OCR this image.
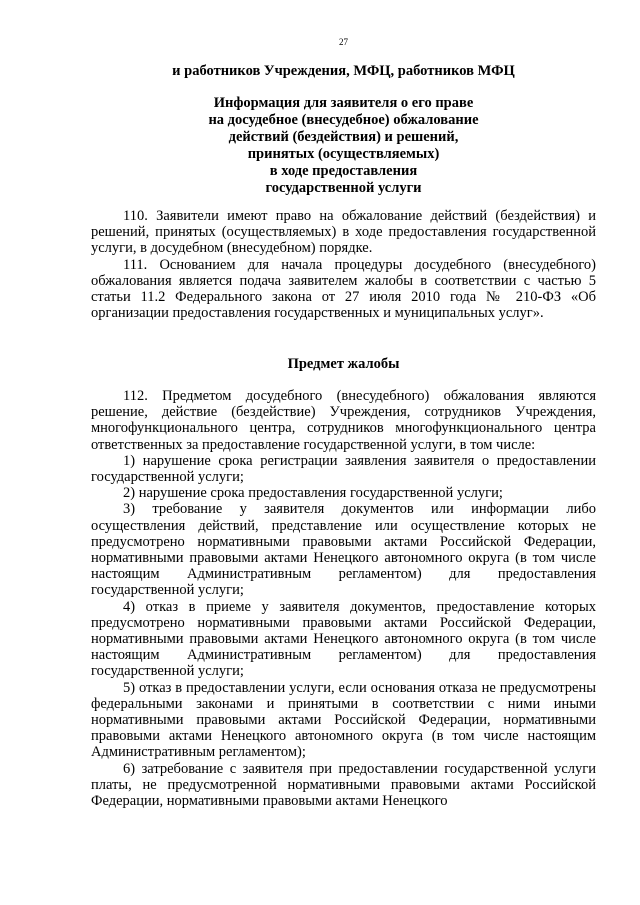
27
и работников Учреждения, МФЦ, работников МФЦ
Информация для заявителя о его праве
на досудебное (внесудебное) обжалование
действий (бездействия) и решений,
принятых (осуществляемых)
в ходе предоставления
государственной услуги

110. Заявители имеют право на обжалование действий (бездействия) и решений, принятых (осуществляемых) в ходе предоставления государственной услуги, в досудебном (внесудебном) порядке.

111. Основанием для начала процедуры досудебного (внесудебного) обжалования является подача заявителем жалобы в соответствии с частью 5 статьи 11.2 Федерального закона от 27 июля 2010 года № 210-ФЗ «Об организации предоставления государственных и муниципальных услуг».

Предмет жалобы

112. Предметом досудебного (внесудебного) обжалования являются решение, действие (бездействие) Учреждения, сотрудников Учреждения, многофункционального центра, сотрудников многофункционального центра ответственных за предоставление государственной услуги, в том числе:

1) нарушение срока регистрации заявления заявителя о предоставлении государственной услуги;

2) нарушение срока предоставления государственной услуги;

3) требование у заявителя документов или информации либо осуществления действий, представление или осуществление которых не предусмотрено нормативными правовыми актами Российской Федерации, нормативными правовыми актами Ненецкого автономного округа (в том числе настоящим Административным регламентом) для предоставления государственной услуги;

4) отказ в приеме у заявителя документов, предоставление которых предусмотрено нормативными правовыми актами Российской Федерации, нормативными правовыми актами Ненецкого автономного округа (в том числе настоящим Административным регламентом) для предоставления государственной услуги;

5) отказ в предоставлении услуги, если основания отказа не предусмотрены федеральными законами и принятыми в соответствии с ними иными нормативными правовыми актами Российской Федерации, нормативными правовыми актами Ненецкого автономного округа (в том числе настоящим Административным регламентом);

6) затребование с заявителя при предоставлении государственной услуги платы, не предусмотренной нормативными правовыми актами Российской Федерации, нормативными правовыми актами Ненецкого
